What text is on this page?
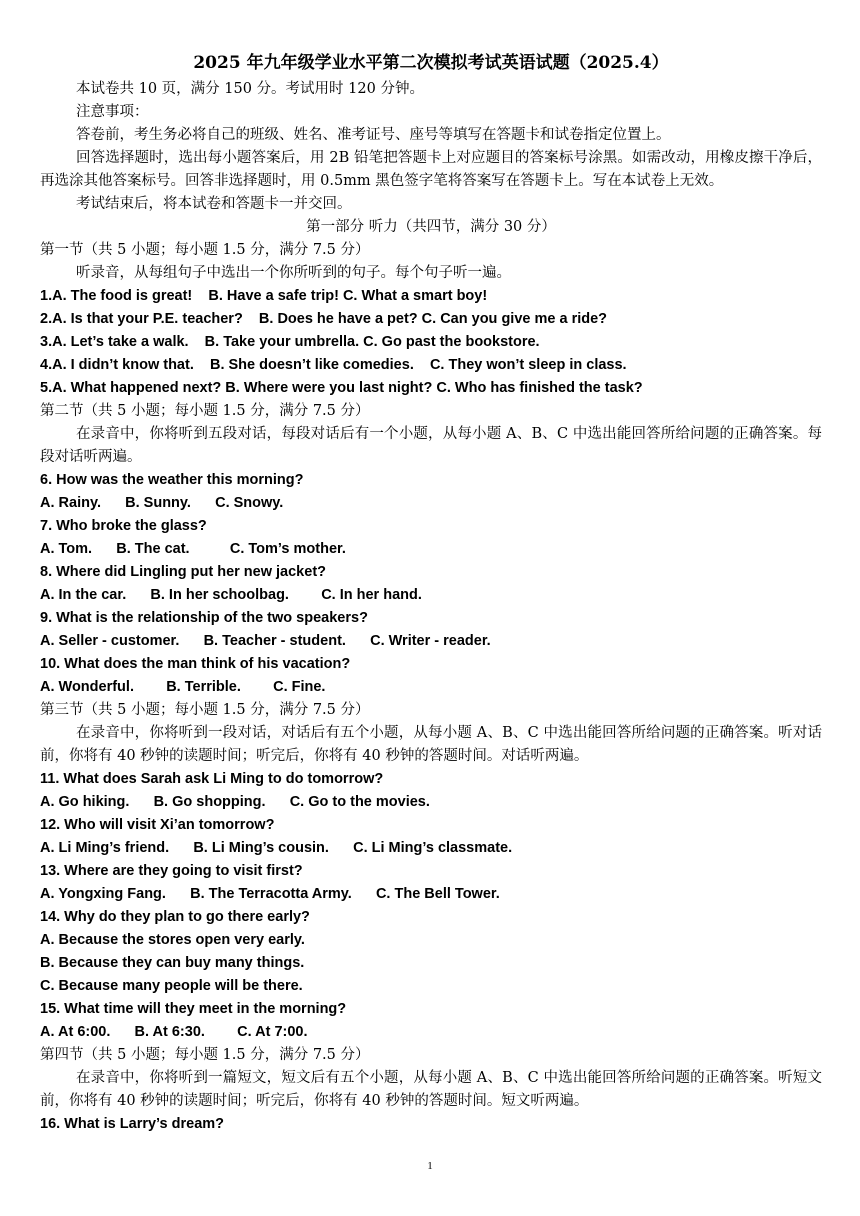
2025 年九年级学业水平第二次模拟考试英语试题（2025.4）
本试卷共 10 页，满分 150 分。考试用时 120 分钟。
注意事项：
答卷前，考生务必将自己的班级、姓名、准考证号、座号等填写在答题卡和试卷指定位置上。
回答选择题时，选出每小题答案后，用 2B 铅笔把答题卡上对应题目的答案标号涂黑。如需改动，用橡皮擦干净后，再选涂其他答案标号。回答非选择题时，用 0.5mm 黑色签字笔将答案写在答题卡上。写在本试卷上无效。
考试结束后，将本试卷和答题卡一并交回。
第一部分 听力（共四节，满分 30 分）
第一节（共 5 小题；每小题 1.5 分，满分 7.5 分）
听录音，从每组句子中选出一个你所听到的句子。每个句子听一遍。
1.A. The food is great!    B. Have a safe trip! C. What a smart boy!
2.A. Is that your P.E. teacher?    B. Does he have a pet? C. Can you give me a ride?
3.A. Let’s take a walk.    B. Take your umbrella. C. Go past the bookstore.
4.A. I didn’t know that.    B. She doesn’t like comedies.    C. They won’t sleep in class.
5.A. What happened next? B. Where were you last night? C. Who has finished the task?
第二节（共 5 小题；每小题 1.5 分，满分 7.5 分）
在录音中，你将听到五段对话，每段对话后有一个小题，从每小题 A、B、C 中选出能回答所给问题的正确答案。每段对话听两遍。
6. How was the weather this morning?
A. Rainy.      B. Sunny.      C. Snowy.
7. Who broke the glass?
A. Tom.      B. The cat.          C. Tom’s mother.
8. Where did Lingling put her new jacket?
A. In the car.      B. In her schoolbag.        C. In her hand.
9. What is the relationship of the two speakers?
A. Seller - customer.      B. Teacher - student.      C. Writer - reader.
10. What does the man think of his vacation?
A. Wonderful.        B. Terrible.        C. Fine.
第三节（共 5 小题；每小题 1.5 分，满分 7.5 分）
在录音中，你将听到一段对话，对话后有五个小题，从每小题 A、B、C 中选出能回答所给问题的正确答案。听对话前，你将有 40 秒钟的读题时间；听完后，你将有 40 秒钟的答题时间。对话听两遍。
11. What does Sarah ask Li Ming to do tomorrow?
A. Go hiking.      B. Go shopping.      C. Go to the movies.
12. Who will visit Xi’an tomorrow?
A. Li Ming’s friend.      B. Li Ming’s cousin.      C. Li Ming’s classmate.
13. Where are they going to visit first?
A. Yongxing Fang.      B. The Terracotta Army.      C. The Bell Tower.
14. Why do they plan to go there early?
A. Because the stores open very early.
B. Because they can buy many things.
C. Because many people will be there.
15. What time will they meet in the morning?
A. At 6:00.      B. At 6:30.        C. At 7:00.
第四节（共 5 小题；每小题 1.5 分，满分 7.5 分）
在录音中，你将听到一篇短文，短文后有五个小题，从每小题 A、B、C 中选出能回答所给问题的正确答案。听短文前，你将有 40 秒钟的读题时间；听完后，你将有 40 秒钟的答题时间。短文听两遍。
16. What is Larry’s dream?
1
